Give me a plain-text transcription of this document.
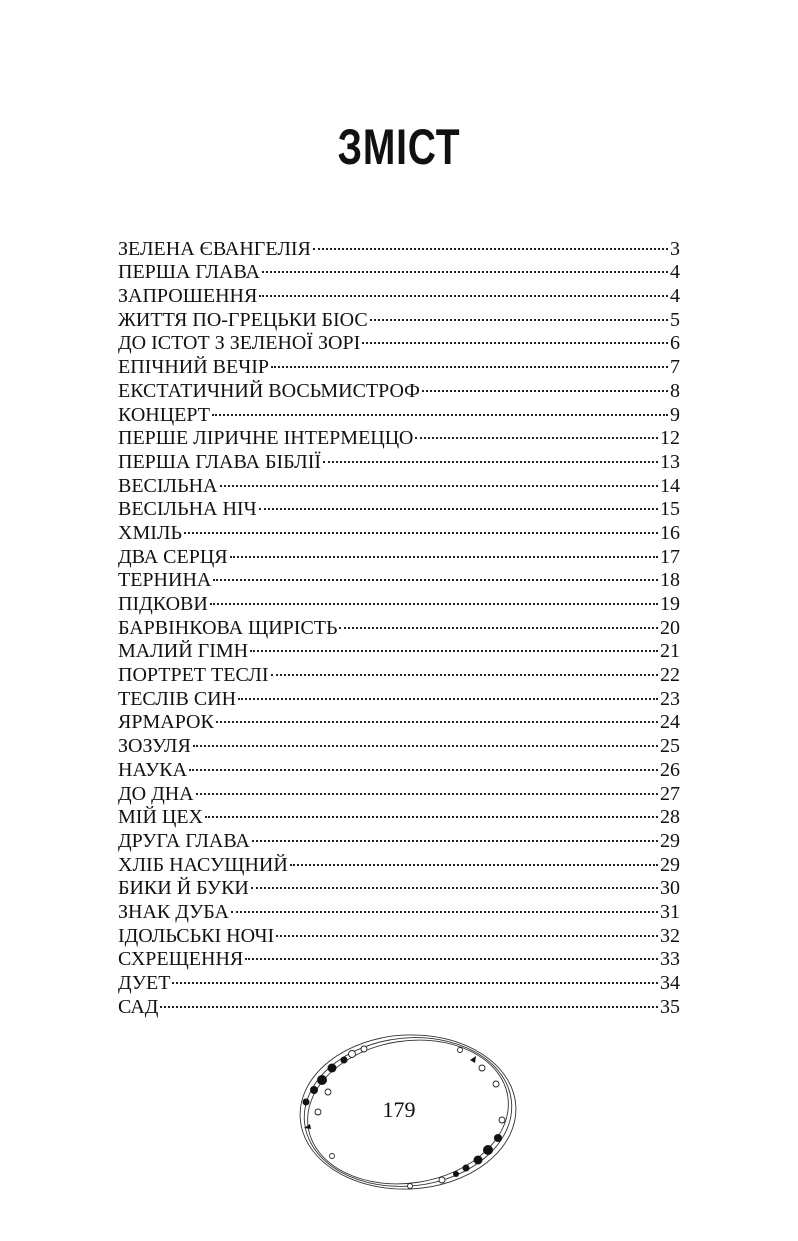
ЗМІСТ
ЗЕЛЕНА ЄВАНГЕЛІЯ	3
ПЕРША ГЛАВА	4
ЗАПРОШЕННЯ	4
ЖИТТЯ ПО-ГРЕЦЬКИ БІОС	5
ДО ІСТОТ З ЗЕЛЕНОЇ ЗОРІ	6
ЕПІЧНИЙ ВЕЧІР	7
ЕКСТАТИЧНИЙ ВОСЬМИСТРОФ	8
КОНЦЕРТ	9
ПЕРШЕ ЛІРИЧНЕ ІНТЕРМЕЦЦО	12
ПЕРША ГЛАВА БІБЛІЇ	13
ВЕСІЛЬНА	14
ВЕСІЛЬНА НІЧ	15
ХМІЛЬ	16
ДВА СЕРЦЯ	17
ТЕРНИНА	18
ПІДКОВИ	19
БАРВІНКОВА ЩИРІСТЬ	20
МАЛИЙ ГІМН	21
ПОРТРЕТ ТЕСЛІ	22
ТЕСЛІВ СИН	23
ЯРМАРОК	24
ЗОЗУЛЯ	25
НАУКА	26
ДО ДНА	27
МІЙ ЦЕХ	28
ДРУГА ГЛАВА	29
ХЛІБ НАСУЩНИЙ	29
БИКИ Й БУКИ	30
ЗНАК ДУБА	31
ІДОЛЬСЬКІ НОЧІ	32
СХРЕЩЕННЯ	33
ДУЕТ	34
САД	35
179
